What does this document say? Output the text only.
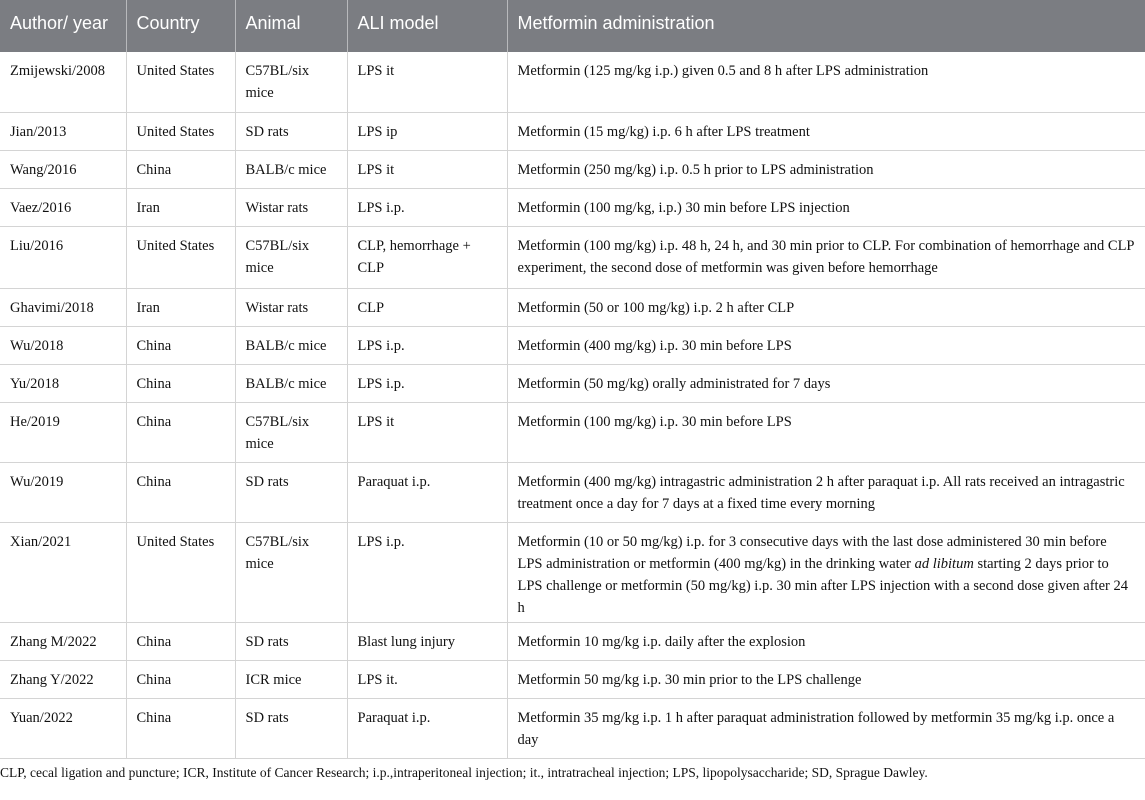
Author/ year	Country	Animal	ALI model	Metformin administration
Zmijewski/2008	United States	C57BL/six mice	LPS it	Metformin (125 mg/kg i.p.) given 0.5 and 8 h after LPS administration
Jian/2013	United States	SD rats	LPS ip	Metformin (15 mg/kg) i.p. 6 h after LPS treatment
Wang/2016	China	BALB/c mice	LPS it	Metformin (250 mg/kg) i.p. 0.5 h prior to LPS administration
Vaez/2016	Iran	Wistar rats	LPS i.p.	Metformin (100 mg/kg, i.p.) 30 min before LPS injection
Liu/2016	United States	C57BL/six mice	CLP, hemorrhage + CLP	Metformin (100 mg/kg) i.p. 48 h, 24 h, and 30 min prior to CLP. For combination of hemorrhage and CLP experiment, the second dose of metformin was given before hemorrhage
Ghavimi/2018	Iran	Wistar rats	CLP	Metformin (50 or 100 mg/kg) i.p. 2 h after CLP
Wu/2018	China	BALB/c mice	LPS i.p.	Metformin (400 mg/kg) i.p. 30 min before LPS
Yu/2018	China	BALB/c mice	LPS i.p.	Metformin (50 mg/kg) orally administrated for 7 days
He/2019	China	C57BL/six mice	LPS it	Metformin (100 mg/kg) i.p. 30 min before LPS
Wu/2019	China	SD rats	Paraquat i.p.	Metformin (400 mg/kg) intragastric administration 2 h after paraquat i.p. All rats received an intragastric treatment once a day for 7 days at a fixed time every morning
Xian/2021	United States	C57BL/six mice	LPS i.p.	Metformin (10 or 50 mg/kg) i.p. for 3 consecutive days with the last dose administered 30 min before LPS administration or metformin (400 mg/kg) in the drinking water ad libitum starting 2 days prior to LPS challenge or metformin (50 mg/kg) i.p. 30 min after LPS injection with a second dose given after 24 h
Zhang M/2022	China	SD rats	Blast lung injury	Metformin 10 mg/kg i.p. daily after the explosion
Zhang Y/2022	China	ICR mice	LPS it.	Metformin 50 mg/kg i.p. 30 min prior to the LPS challenge
Yuan/2022	China	SD rats	Paraquat i.p.	Metformin 35 mg/kg i.p. 1 h after paraquat administration followed by metformin 35 mg/kg i.p. once a day
CLP, cecal ligation and puncture; ICR, Institute of Cancer Research; i.p.,intraperitoneal injection; it., intratracheal injection; LPS, lipopolysaccharide; SD, Sprague Dawley.
